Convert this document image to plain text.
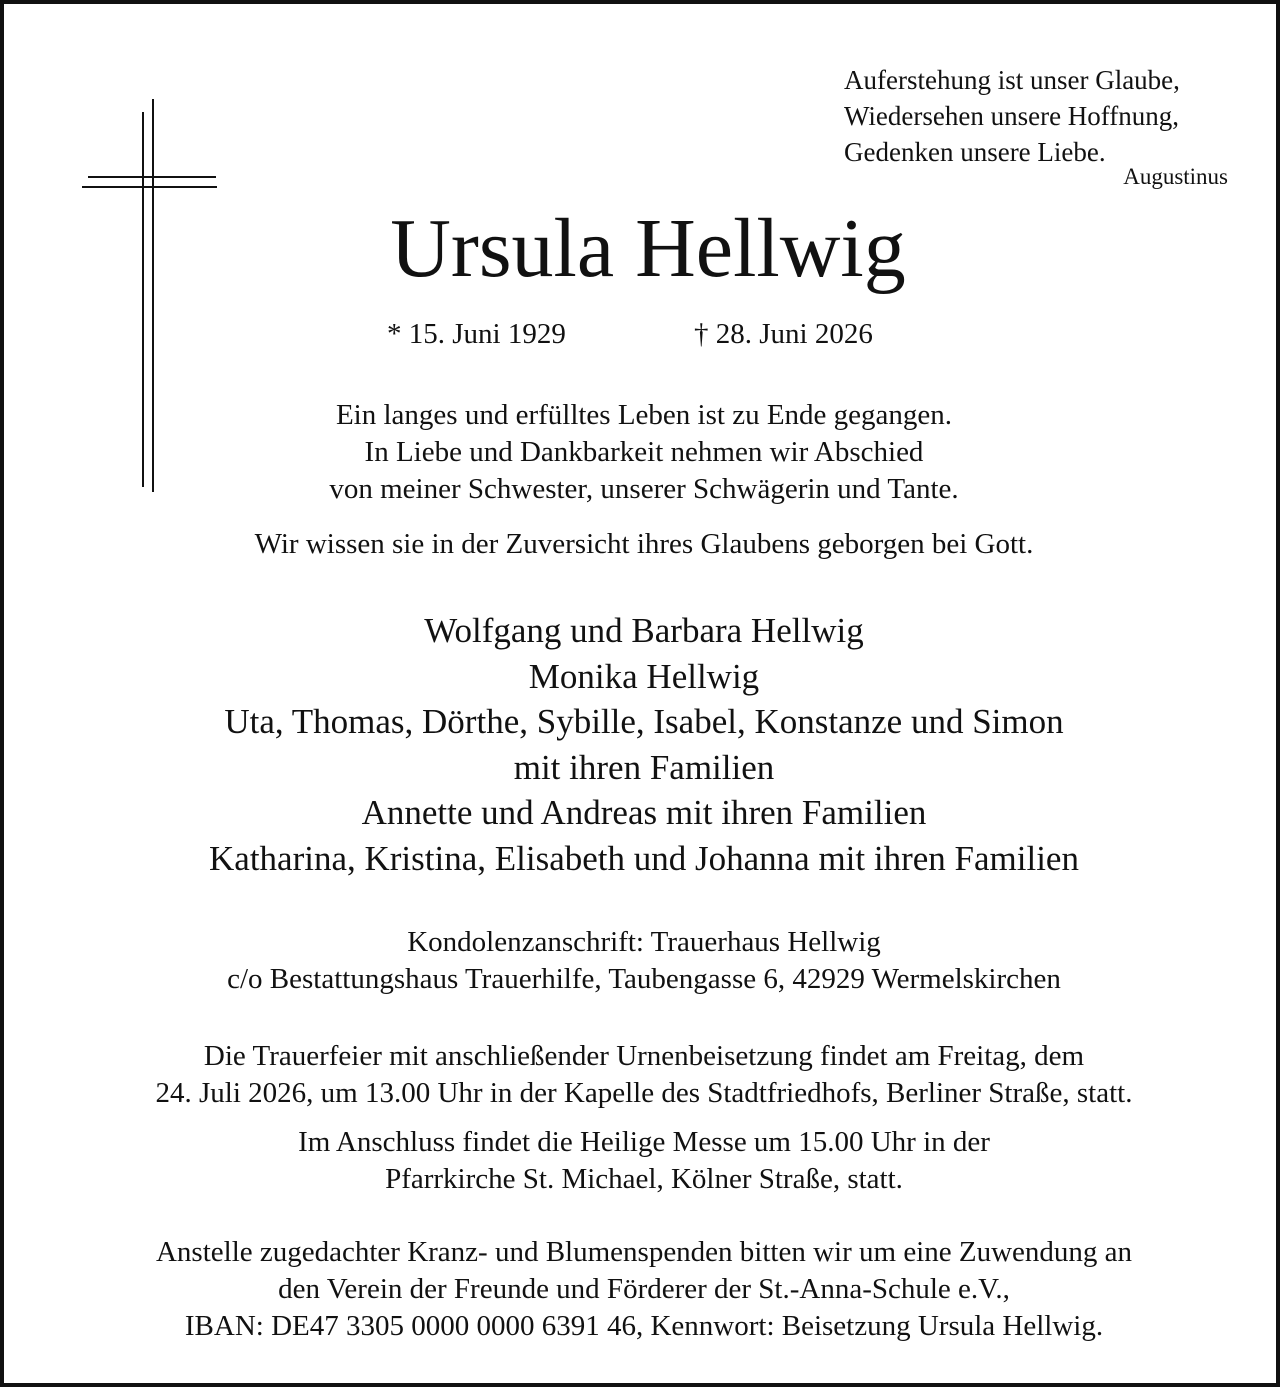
Auferstehung ist unser Glaube,
Wiedersehen unsere Hoffnung,
Gedenken unsere Liebe.
Augustinus
Ursula Hellwig
* 15. Juni 1929	† 28. Juni 2026
Ein langes und erfülltes Leben ist zu Ende gegangen.
In Liebe und Dankbarkeit nehmen wir Abschied
von meiner Schwester, unserer Schwägerin und Tante.
Wir wissen sie in der Zuversicht ihres Glaubens geborgen bei Gott.
Wolfgang und Barbara Hellwig
Monika Hellwig
Uta, Thomas, Dörthe, Sybille, Isabel, Konstanze und Simon
mit ihren Familien
Annette und Andreas mit ihren Familien
Katharina, Kristina, Elisabeth und Johanna mit ihren Familien
Kondolenzanschrift: Trauerhaus Hellwig
c/o Bestattungshaus Trauerhilfe, Taubengasse 6, 42929 Wermelskirchen
Die Trauerfeier mit anschließender Urnenbeisetzung findet am Freitag, dem
24. Juli 2026, um 13.00 Uhr in der Kapelle des Stadtfriedhofs, Berliner Straße, statt.
Im Anschluss findet die Heilige Messe um 15.00 Uhr in der
Pfarrkirche St. Michael, Kölner Straße, statt.
Anstelle zugedachter Kranz- und Blumenspenden bitten wir um eine Zuwendung an
den Verein der Freunde und Förderer der St.-Anna-Schule e.V.,
IBAN: DE47 3305 0000 0000 6391 46, Kennwort: Beisetzung Ursula Hellwig.
